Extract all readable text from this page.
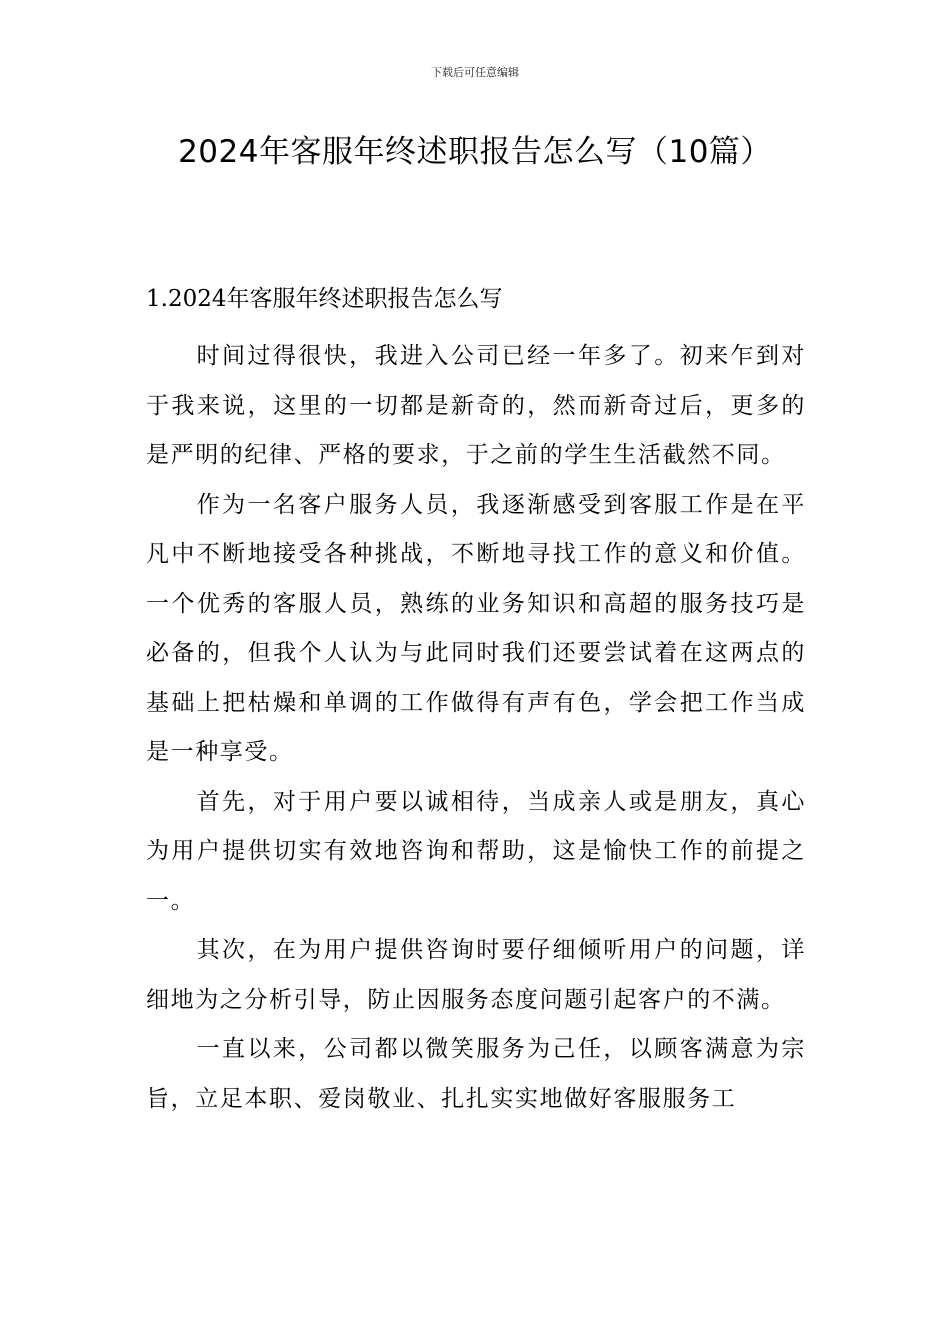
下载后可任意编辑
2024年客服年终述职报告怎么写（10篇）
1.2024年客服年终述职报告怎么写

时间过得很快，我进入公司已经一年多了。初来乍到对于我来说，这里的一切都是新奇的，然而新奇过后，更多的是严明的纪律、严格的要求，于之前的学生生活截然不同。

作为一名客户服务人员，我逐渐感受到客服工作是在平凡中不断地接受各种挑战，不断地寻找工作的意义和价值。一个优秀的客服人员，熟练的业务知识和高超的服务技巧是必备的，但我个人认为与此同时我们还要尝试着在这两点的基础上把枯燥和单调的工作做得有声有色，学会把工作当成是一种享受。

首先，对于用户要以诚相待，当成亲人或是朋友，真心为用户提供切实有效地咨询和帮助，这是愉快工作的前提之一。

其次，在为用户提供咨询时要仔细倾听用户的问题，详细地为之分析引导，防止因服务态度问题引起客户的不满。

一直以来，公司都以微笑服务为己任，以顾客满意为宗旨，立足本职、爱岗敬业、扎扎实实地做好客服服务工
